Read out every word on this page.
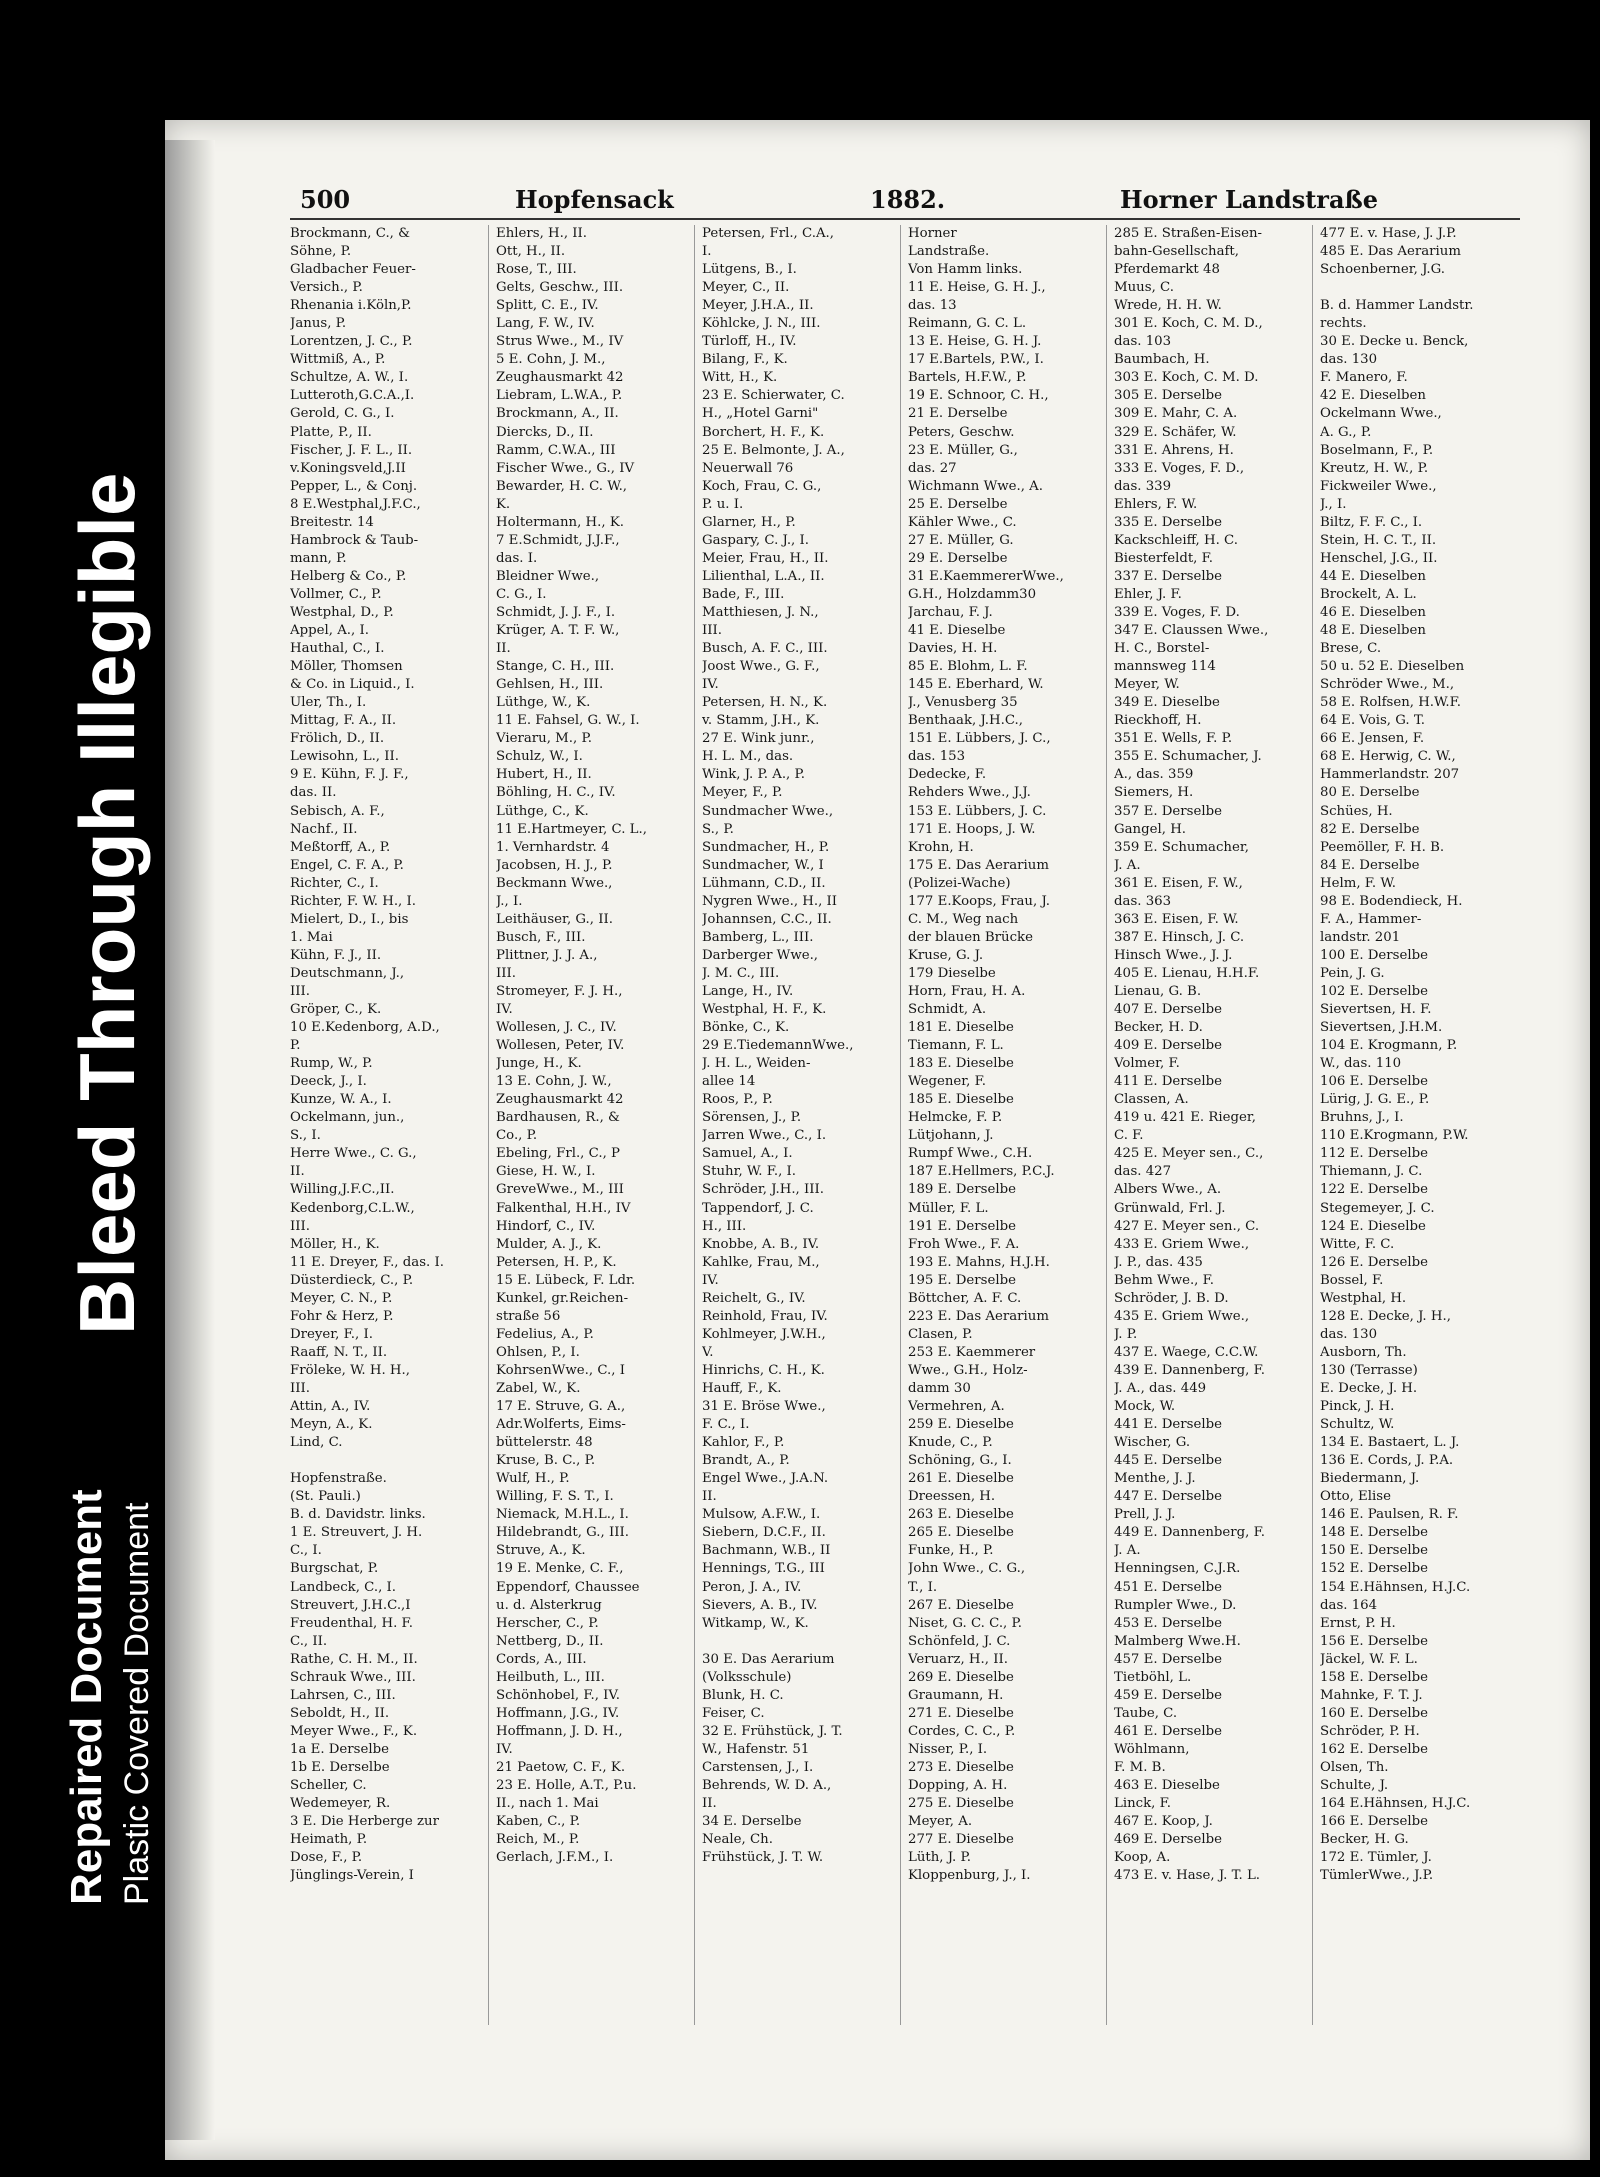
Repaired Document Plastic Covered Document
Bleed Through Illegible
500	Hopfensack	1882.	Horner Landstraße
Brockmann, C., &
Söhne, P.
Gladbacher Feuer-
Versich., P.
Rhenania i.Köln,P.
Janus, P.
Lorentzen, J. C., P.
Wittmiß, A., P.
Schultze, A. W., I.
Lutteroth,G.C.A.,I.
Gerold, C. G., I.
Platte, P., II.
Fischer, J. F. L., II.
v.Koningsveld,J.II
Pepper, L., & Conj.
8 E.Westphal,J.F.C.,
Breitestr. 14
Hambrock & Taub-
mann, P.
Helberg & Co., P.
Vollmer, C., P.
Westphal, D., P.
Appel, A., I.
Hauthal, C., I.
Möller, Thomsen
& Co. in Liquid., I.
Uler, Th., I.
Mittag, F. A., II.
Frölich, D., II.
Lewisohn, L., II.
9 E. Kühn, F. J. F.,
das. II.
Sebisch, A. F.,
Nachf., II.
Meßtorff, A., P.
Engel, C. F. A., P.
Richter, C., I.
Richter, F. W. H., I.
Mielert, D., I., bis
1. Mai
Kühn, F. J., II.
Deutschmann, J.,
III.
Gröper, C., K.
10 E.Kedenborg, A.D.,
P.
Rump, W., P.
Deeck, J., I.
Kunze, W. A., I.
Ockelmann, jun.,
S., I.
Herre Wwe., C. G.,
II.
Willing,J.F.C.,II.
Kedenborg,C.L.W.,
III.
Möller, H., K.
11 E. Dreyer, F., das. I.
Düsterdieck, C., P.
Meyer, C. N., P.
Fohr & Herz, P.
Dreyer, F., I.
Raaff, N. T., II.
Fröleke, W. H. H.,
III.
Attin, A., IV.
Meyn, A., K.
Lind, C.
Hopfenstraße.
(St. Pauli.)
B. d. Davidstr. links.
1 E. Streuvert, J. H.
C., I.
Burgschat, P.
Landbeck, C., I.
Streuvert, J.H.C.,I
Freudenthal, H. F.
C., II.
Rathe, C. H. M., II.
Schrauk Wwe., III.
Lahrsen, C., III.
Seboldt, H., II.
Meyer Wwe., F., K.
1a E. Derselbe
1b E. Derselbe
Scheller, C.
Wedemeyer, R.
3 E. Die Herberge zur
Heimath, P.
Dose, F., P.
Jünglings-Verein, I
Ehlers, H., II.
Ott, H., II.
Rose, T., III.
Gelts, Geschw., III.
Splitt, C. E., IV.
Lang, F. W., IV.
Strus Wwe., M., IV
5 E. Cohn, J. M.,
Zeughausmarkt 42
Liebram, L.W.A., P.
Brockmann, A., II.
Diercks, D., II.
Ramm, C.W.A., III
Fischer Wwe., G., IV
Bewarder, H. C. W.,
K.
Holtermann, H., K.
7 E.Schmidt, J.J.F.,
das. I.
Bleidner Wwe.,
C. G., I.
Schmidt, J. J. F., I.
Krüger, A. T. F. W.,
II.
Stange, C. H., III.
Gehlsen, H., III.
Lüthge, W., K.
11 E. Fahsel, G. W., I.
Vieraru, M., P.
Schulz, W., I.
Hubert, H., II.
Böhling, H. C., IV.
Lüthge, C., K.
11 E.Hartmeyer, C. L.,
1. Vernhardstr. 4
Jacobsen, H. J., P.
Beckmann Wwe.,
J., I.
Leithäuser, G., II.
Busch, F., III.
Plittner, J. J. A.,
III.
Stromeyer, F. J. H.,
IV.
Wollesen, J. C., IV.
Wollesen, Peter, IV.
Junge, H., K.
13 E. Cohn, J. W.,
Zeughausmarkt 42
Bardhausen, R., &
Co., P.
Ebeling, Frl., C., P
Giese, H. W., I.
GreveWwe., M., III
Falkenthal, H.H., IV
Hindorf, C., IV.
Mulder, A. J., K.
Petersen, H. P., K.
15 E. Lübeck, F. Ldr.
Kunkel, gr.Reichen-
straße 56
Fedelius, A., P.
Ohlsen, P., I.
KohrsenWwe., C., I
Zabel, W., K.
17 E. Struve, G. A.,
Adr.Wolferts, Eims-
büttelerstr. 48
Kruse, B. C., P.
Wulf, H., P.
Willing, F. S. T., I.
Niemack, M.H.L., I.
Hildebrandt, G., III.
Struve, A., K.
19 E. Menke, C. F.,
Eppendorf, Chaussee
u. d. Alsterkrug
Herscher, C., P.
Nettberg, D., II.
Cords, A., III.
Heilbuth, L., III.
Schönhobel, F., IV.
Hoffmann, J.G., IV.
Hoffmann, J. D. H.,
IV.
21 Paetow, C. F., K.
23 E. Holle, A.T., P.u.
II., nach 1. Mai
Kaben, C., P.
Reich, M., P.
Gerlach, J.F.M., I.
Petersen, Frl., C.A.,
I.
Lütgens, B., I.
Meyer, C., II.
Meyer, J.H.A., II.
Köhlcke, J. N., III.
Türloff, H., IV.
Bilang, F., K.
Witt, H., K.
23 E. Schierwater, C.
H., „Hotel Garni"
Borchert, H. F., K.
25 E. Belmonte, J. A.,
Neuerwall 76
Koch, Frau, C. G.,
P. u. I.
Glarner, H., P.
Gaspary, C. J., I.
Meier, Frau, H., II.
Lilienthal, L.A., II.
Bade, F., III.
Matthiesen, J. N.,
III.
Busch, A. F. C., III.
Joost Wwe., G. F.,
IV.
Petersen, H. N., K.
v. Stamm, J.H., K.
27 E. Wink junr.,
H. L. M., das.
Wink, J. P. A., P.
Meyer, F., P.
Sundmacher Wwe.,
S., P.
Sundmacher, H., P.
Sundmacher, W., I
Lühmann, C.D., II.
Nygren Wwe., H., II
Johannsen, C.C., II.
Bamberg, L., III.
Darberger Wwe.,
J. M. C., III.
Lange, H., IV.
Westphal, H. F., K.
Bönke, C., K.
29 E.TiedemannWwe.,
J. H. L., Weiden-
allee 14
Roos, P., P.
Sörensen, J., P.
Jarren Wwe., C., I.
Samuel, A., I.
Stuhr, W. F., I.
Schröder, J.H., III.
Tappendorf, J. C.
H., III.
Knobbe, A. B., IV.
Kahlke, Frau, M.,
IV.
Reichelt, G., IV.
Reinhold, Frau, IV.
Kohlmeyer, J.W.H.,
V.
Hinrichs, C. H., K.
Hauff, F., K.
31 E. Bröse Wwe.,
F. C., I.
Kahlor, F., P.
Brandt, A., P.
Engel Wwe., J.A.N.
II.
Mulsow, A.F.W., I.
Siebern, D.C.F., II.
Bachmann, W.B., II
Hennings, T.G., III
Peron, J. A., IV.
Sievers, A. B., IV.
Witkamp, W., K.
30 E. Das Aerarium
(Volksschule)
Blunk, H. C.
Feiser, C.
32 E. Frühstück, J. T.
W., Hafenstr. 51
Carstensen, J., I.
Behrends, W. D. A.,
II.
34 E. Derselbe
Neale, Ch.
Frühstück, J. T. W.
Horner
Landstraße.
Von Hamm links.
11 E. Heise, G. H. J.,
das. 13
Reimann, G. C. L.
13 E. Heise, G. H. J.
17 E.Bartels, P.W., I.
Bartels, H.F.W., P.
19 E. Schnoor, C. H.,
21 E. Derselbe
Peters, Geschw.
23 E. Müller, G.,
das. 27
Wichmann Wwe., A.
25 E. Derselbe
Kähler Wwe., C.
27 E. Müller, G.
29 E. Derselbe
31 E.KaemmererWwe.,
G.H., Holzdamm30
Jarchau, F. J.
41 E. Dieselbe
Davies, H. H.
85 E. Blohm, L. F.
145 E. Eberhard, W.
J., Venusberg 35
Benthaak, J.H.C.,
151 E. Lübbers, J. C.,
das. 153
Dedecke, F.
Rehders Wwe., J.J.
153 E. Lübbers, J. C.
171 E. Hoops, J. W.
Krohn, H.
175 E. Das Aerarium
(Polizei-Wache)
177 E.Koops, Frau, J.
C. M., Weg nach
der blauen Brücke
Kruse, G. J.
179 Dieselbe
Horn, Frau, H. A.
Schmidt, A.
181 E. Dieselbe
Tiemann, F. L.
183 E. Dieselbe
Wegener, F.
185 E. Dieselbe
Helmcke, F. P.
Lütjohann, J.
Rumpf Wwe., C.H.
187 E.Hellmers, P.C.J.
189 E. Derselbe
Müller, F. L.
191 E. Derselbe
Froh Wwe., F. A.
193 E. Mahns, H.J.H.
195 E. Derselbe
Böttcher, A. F. C.
223 E. Das Aerarium
Clasen, P.
253 E. Kaemmerer
Wwe., G.H., Holz-
damm 30
Vermehren, A.
259 E. Dieselbe
Knude, C., P.
Schöning, G., I.
261 E. Dieselbe
Dreessen, H.
263 E. Dieselbe
265 E. Dieselbe
Funke, H., P.
John Wwe., C. G.,
T., I.
267 E. Dieselbe
Niset, G. C. C., P.
Schönfeld, J. C.
Veruarz, H., II.
269 E. Dieselbe
Graumann, H.
271 E. Dieselbe
Cordes, C. C., P.
Nisser, P., I.
273 E. Dieselbe
Dopping, A. H.
275 E. Dieselbe
Meyer, A.
277 E. Dieselbe
Lüth, J. P.
Kloppenburg, J., I.
285 E. Straßen-Eisen-
bahn-Gesellschaft,
Pferdemarkt 48
Muus, C.
Wrede, H. H. W.
301 E. Koch, C. M. D.,
das. 103
Baumbach, H.
303 E. Koch, C. M. D.
305 E. Derselbe
309 E. Mahr, C. A.
329 E. Schäfer, W.
331 E. Ahrens, H.
333 E. Voges, F. D.,
das. 339
Ehlers, F. W.
335 E. Derselbe
Kackschleiff, H. C.
Biesterfeldt, F.
337 E. Derselbe
Ehler, J. F.
339 E. Voges, F. D.
347 E. Claussen Wwe.,
H. C., Borstel-
mannsweg 114
Meyer, W.
349 E. Dieselbe
Rieckhoff, H.
351 E. Wells, F. P.
355 E. Schumacher, J.
A., das. 359
Siemers, H.
357 E. Derselbe
Gangel, H.
359 E. Schumacher,
J. A.
361 E. Eisen, F. W.,
das. 363
363 E. Eisen, F. W.
387 E. Hinsch, J. C.
Hinsch Wwe., J. J.
405 E. Lienau, H.H.F.
Lienau, G. B.
407 E. Derselbe
Becker, H. D.
409 E. Derselbe
Volmer, F.
411 E. Derselbe
Classen, A.
419 u. 421 E. Rieger,
C. F.
425 E. Meyer sen., C.,
das. 427
Albers Wwe., A.
Grünwald, Frl. J.
427 E. Meyer sen., C.
433 E. Griem Wwe.,
J. P., das. 435
Behm Wwe., F.
Schröder, J. B. D.
435 E. Griem Wwe.,
J. P.
437 E. Waege, C.C.W.
439 E. Dannenberg, F.
J. A., das. 449
Mock, W.
441 E. Derselbe
Wischer, G.
445 E. Derselbe
Menthe, J. J.
447 E. Derselbe
Prell, J. J.
449 E. Dannenberg, F.
J. A.
Henningsen, C.J.R.
451 E. Derselbe
Rumpler Wwe., D.
453 E. Derselbe
Malmberg Wwe.H.
457 E. Derselbe
Tietböhl, L.
459 E. Derselbe
Taube, C.
461 E. Derselbe
Wöhlmann,
F. M. B.
463 E. Dieselbe
Linck, F.
467 E. Koop, J.
469 E. Derselbe
Koop, A.
473 E. v. Hase, J. T. L.
477 E. v. Hase, J. J.P.
485 E. Das Aerarium
Schoenberner, J.G.
B. d. Hammer Landstr.
rechts.
30 E. Decke u. Benck,
das. 130
F. Manero, F.
42 E. Dieselben
Ockelmann Wwe.,
A. G., P.
Boselmann, F., P.
Kreutz, H. W., P.
Fickweiler Wwe.,
J., I.
Biltz, F. F. C., I.
Stein, H. C. T., II.
Henschel, J.G., II.
44 E. Dieselben
Brockelt, A. L.
46 E. Dieselben
48 E. Dieselben
Brese, C.
50 u. 52 E. Dieselben
Schröder Wwe., M.,
58 E. Rolfsen, H.W.F.
64 E. Vois, G. T.
66 E. Jensen, F.
68 E. Herwig, C. W.,
Hammerlandstr. 207
80 E. Derselbe
Schües, H.
82 E. Derselbe
Peemöller, F. H. B.
84 E. Derselbe
Helm, F. W.
98 E. Bodendieck, H.
F. A., Hammer-
landstr. 201
100 E. Derselbe
Pein, J. G.
102 E. Derselbe
Sievertsen, H. F.
Sievertsen, J.H.M.
104 E. Krogmann, P.
W., das. 110
106 E. Derselbe
Lürig, J. G. E., P.
Bruhns, J., I.
110 E.Krogmann, P.W.
112 E. Derselbe
Thiemann, J. C.
122 E. Derselbe
Stegemeyer, J. C.
124 E. Dieselbe
Witte, F. C.
126 E. Derselbe
Bossel, F.
Westphal, H.
128 E. Decke, J. H.,
das. 130
Ausborn, Th.
130 (Terrasse)
E. Decke, J. H.
Pinck, J. H.
Schultz, W.
134 E. Bastaert, L. J.
136 E. Cords, J. P.A.
Biedermann, J.
Otto, Elise
146 E. Paulsen, R. F.
148 E. Derselbe
150 E. Derselbe
152 E. Derselbe
154 E.Hähnsen, H.J.C.
das. 164
Ernst, P. H.
156 E. Derselbe
Jäckel, W. F. L.
158 E. Derselbe
Mahnke, F. T. J.
160 E. Derselbe
Schröder, P. H.
162 E. Derselbe
Olsen, Th.
Schulte, J.
164 E.Hähnsen, H.J.C.
166 E. Derselbe
Becker, H. G.
172 E. Tümler, J.
TümlerWwe., J.P.
